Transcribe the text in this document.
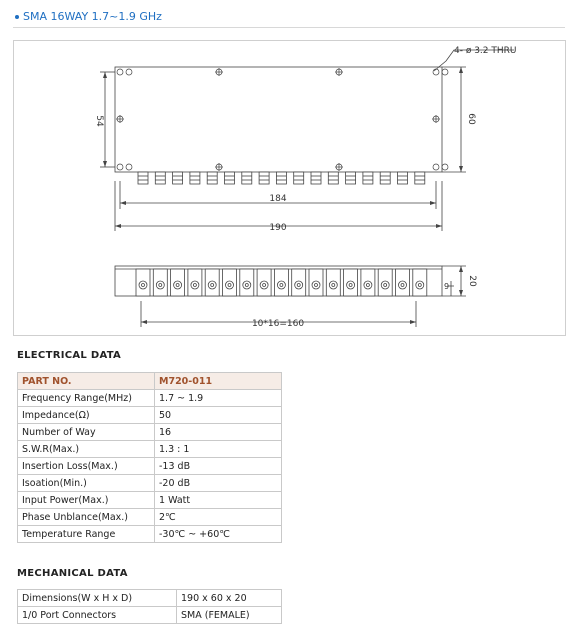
SMA 16WAY 1.7~1.9 GHz
4- ø 3.2 THRU
54	60
184
190
10*16=160
9 20
ELECTRICAL DATA
PART NO.	M720-011
Frequency Range(MHz)	1.7 ~ 1.9
Impedance(Ω)	50
Number of Way	16
S.W.R(Max.)	1.3 : 1
Insertion Loss(Max.)	-13 dB
Isoation(Min.)	-20 dB
Input Power(Max.)	1 Watt
Phase Unblance(Max.)	2℃
Temperature Range	-30℃ ~ +60℃
MECHANICAL DATA
Dimensions(W x H x D)	190 x 60 x 20
1/0 Port Connectors	SMA (FEMALE)
